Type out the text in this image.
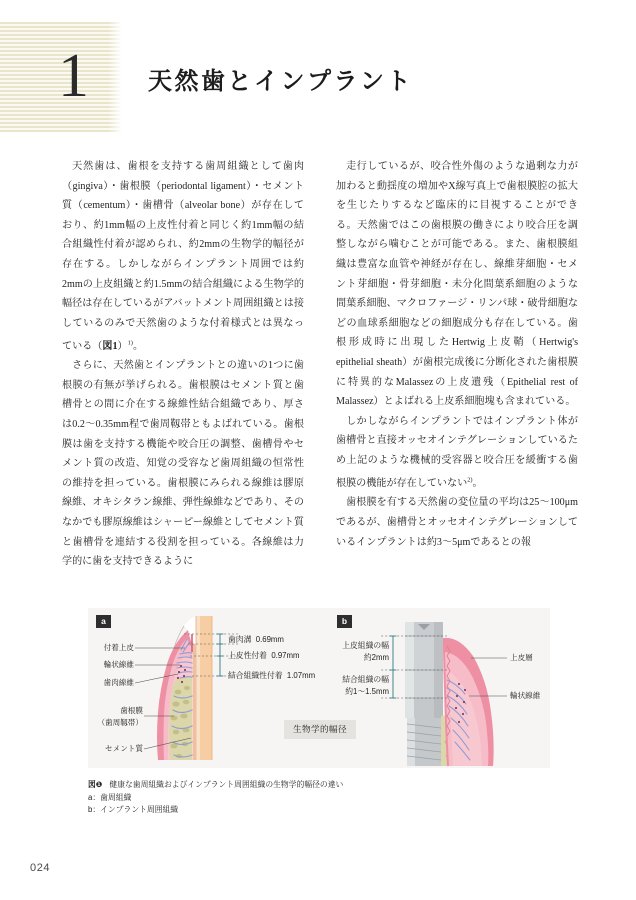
1 天然歯とインプラント

天然歯は、歯根を支持する歯周組織として歯肉（gingiva）・歯根膜（periodontal ligament）・セメント質（cementum）・歯槽骨（alveolar bone）が存在しており、約1mm幅の上皮性付着と同じく約1mm幅の結合組織性付着が認められ、約2mmの生物学的幅径が存在する。しかしながらインプラント周囲では約2mmの上皮組織と約1.5mmの結合組織による生物学的幅径は存在しているがアバットメント周囲組織とは接しているのみで天然歯のような付着様式とは異なっている（図1）$^{1)}$。

さらに、天然歯とインプラントとの違いの1つに歯根膜の有無が挙げられる。歯根膜はセメント質と歯槽骨との間に介在する線維性結合組織であり、厚さは0.2〜0.35mm程で歯周靱帯ともよばれている。歯根膜は歯を支持する機能や咬合圧の調整、歯槽骨やセメント質の改造、知覚の受容など歯周組織の恒常性の維持を担っている。歯根膜にみられる線維は膠原線維、オキシタラン線維、弾性線維などであり、そのなかでも膠原線維はシャーピー線維としてセメント質と歯槽骨を連結する役割を担っている。各線維は力学的に歯を支持できるように

走行しているが、咬合性外傷のような過剰な力が加わると動揺度の増加やX線写真上で歯根膜腔の拡大を生じたりするなど臨床的に目視することができる。天然歯ではこの歯根膜の働きにより咬合圧を調整しながら噛むことが可能である。また、歯根膜組織は豊富な血管や神経が存在し、線維芽細胞・セメント芽細胞・骨芽細胞・未分化間葉系細胞のような間葉系細胞、マクロファージ・リンパ球・破骨細胞などの血球系細胞などの細胞成分も存在している。歯根形成時に出現したHertwig上皮鞘（Hertwig's epithelial sheath）が歯根完成後に分断化された歯根膜に特異的なMalassezの上皮遺残（Epithelial rest of Malassez）とよばれる上皮系細胞塊も含まれている。

しかしながらインプラントではインプラント体が歯槽骨と直接オッセオインテグレーションしているため上記のような機械的受容器と咬合圧を緩衝する歯根膜の機能が存在していない$^{2)}$。

歯根膜を有する天然歯の変位量の平均は25〜100μmであるが、歯槽骨とオッセオインテグレーションしているインプラントは約3〜5μmであるとの報

a	b
付着上皮
輪状線維
歯肉線維
歯根膜
（歯周靱帯）
セメント質
歯肉溝 0.69mm
上皮性付着 0.97mm
結合組織性付着 1.07mm
上皮組織の幅
約2mm
結合組織の幅
約1〜1.5mm
上皮層
輪状線維
生物学的幅径
図❶ 健康な歯周組織およびインプラント周囲組織の生物学的幅径の違い
a：歯周組織
b：インプラント周囲組織
024
